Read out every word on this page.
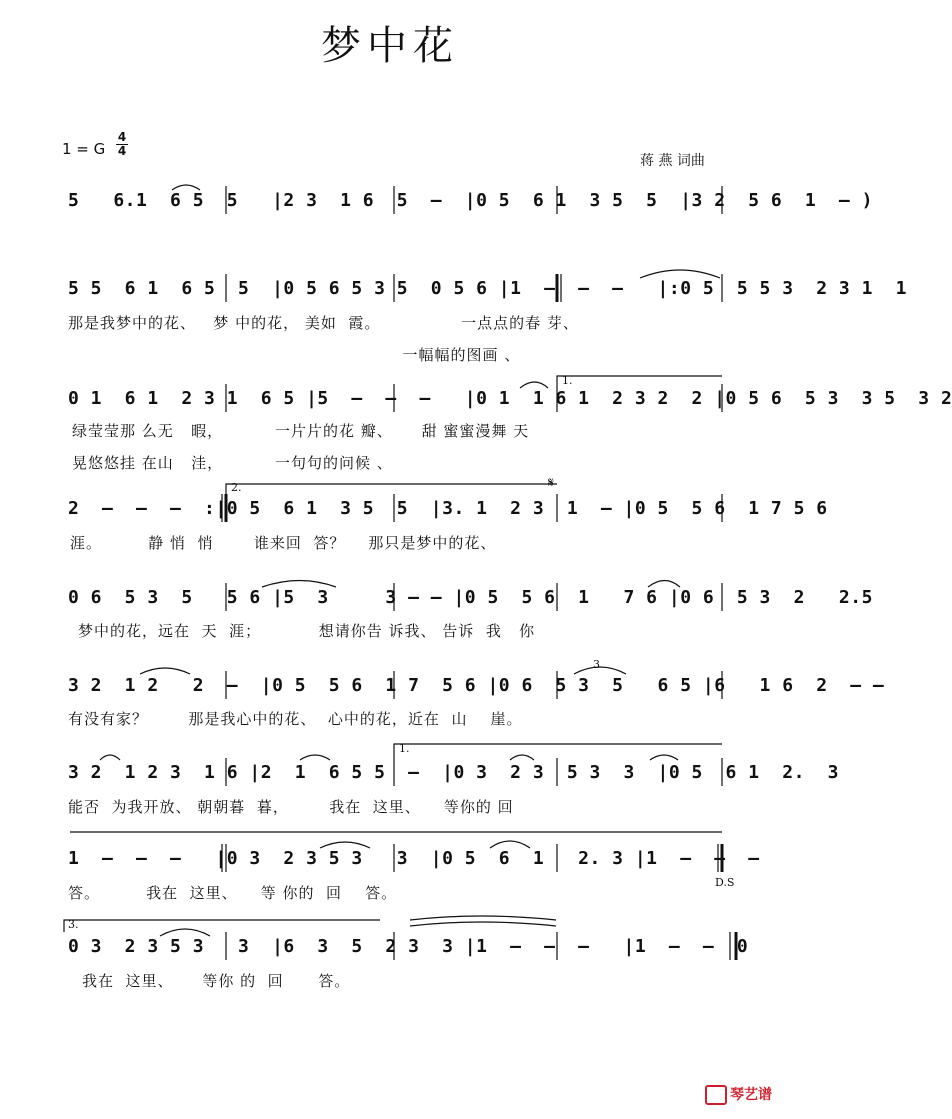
梦中花
1 = G
4
4
蒋 燕 词曲
1.
2.	𝄋
1.
D.S
3.
3
5   6.1  6 5  5   |2 3  1 6  5  –  |0 5  6 1  3 5  5  |3 2  5 6  1  – )
5 5  6 1  6 5  5  |0 5 6 5 3 5  0 5 6 |1  –  –  –   |:0 5  5 5 3  2 3 1  1
那是我梦中的花、   梦 中的花， 美如  霞。              一点点的春 芽、
一幅幅的图画 、
0 1  6 1  2 3 1  6 5 |5  –  –  –   |0 1  1 6 1  2 3 2  2 |0 5 6  5 3  3 5  3 2
绿莹莹那 么无   暇，         一片片的花 瓣、     甜 蜜蜜漫舞 天
晃悠悠挂 在山   洼，         一句句的问候 、
2  –  –  –  :|0 5  6 1  3 5  5  |3. 1  2 3  1  – |0 5  5 6  1 7 5 6
涯。        静 悄  悄       谁来回  答？    那只是梦中的花、
0 6  5 3  5   5 6 |5  3     3 – – |0 5  5 6  1   7 6 |0 6  5 3  2   2.5
梦中的花，远在  天  涯；          想请你告 诉我、 告诉  我   你
3 2  1 2   2  –  |0 5  5 6  1 7  5 6 |0 6  5 3  5   6 5 |6   1 6  2  – –
有没有家？       那是我心中的花、  心中的花，近在  山    崖。
3 2  1 2 3  1 6 |2  1  6 5 5  –  |0 3  2 3  5 3  3  |0 5  6 1  2.  3
能否  为我开放、 朝朝暮  暮，       我在  这里、    等你的 回
1  –  –  –   |0 3  2 3 5 3   3  |0 5  6  1   2. 3 |1  –  –  –
答。        我在  这里、    等 你的  回    答。
0 3  2 3 5 3   3  |6  3  5  2 3  3 |1  –  –  –   |1  –  –  0
我在  这里、     等你 的  回      答。
琴艺谱
